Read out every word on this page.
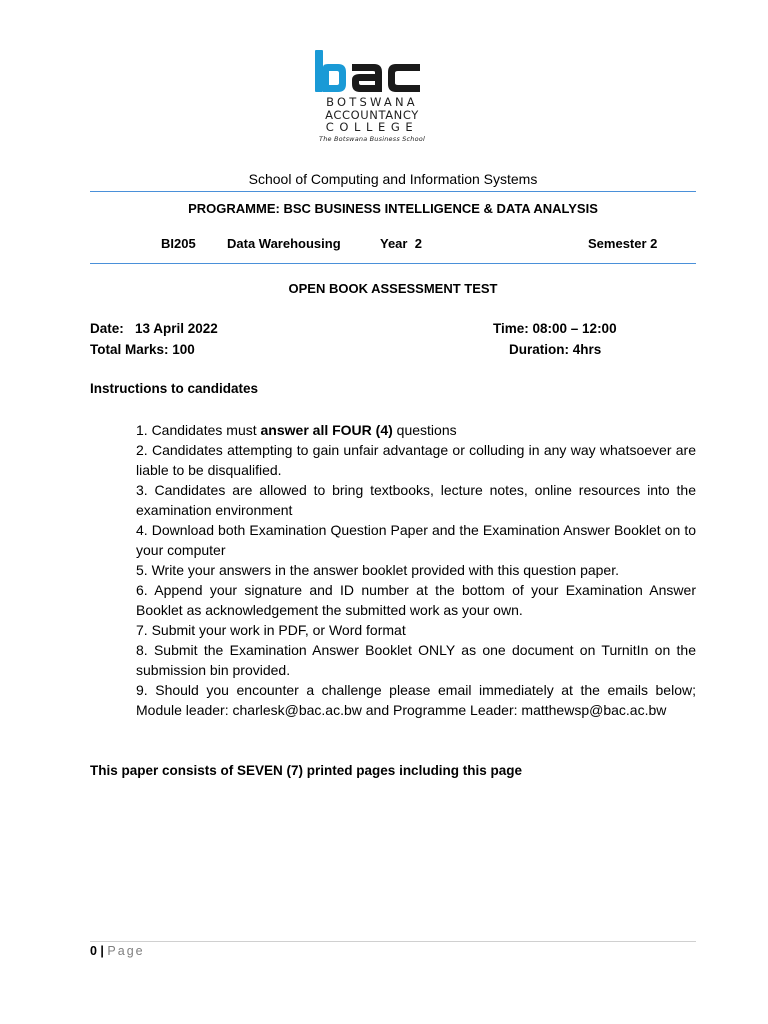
BOTSWANA
ACCOUNTANCY
COLLEGE
The Botswana Business School
School of Computing and Information Systems
PROGRAMME: BSC BUSINESS INTELLIGENCE & DATA ANALYSIS
BI205 Data Warehousing	Year  2	Semester 2
OPEN BOOK ASSESSMENT TEST
Date:   13 April 2022	Time: 08:00 – 12:00
Total Marks: 100	Duration: 4hrs
Instructions to candidates

1. Candidates must answer all FOUR (4) questions

2. Candidates attempting to gain unfair advantage or colluding in any way whatsoever are liable to be disqualified.

3. Candidates are allowed to bring textbooks, lecture notes, online resources into the examination environment

4. Download both Examination Question Paper and the Examination Answer Booklet on to your computer

5. Write your answers in the answer booklet provided with this question paper.

6. Append your signature and ID number at the bottom of your Examination Answer Booklet as acknowledgement the submitted work as your own.

7. Submit your work in PDF, or Word format

8. Submit the Examination Answer Booklet ONLY as one document on TurnitIn on the submission bin provided.

9. Should you encounter a challenge please email immediately at the emails below; Module leader: charlesk@bac.ac.bw and Programme Leader: matthewsp@bac.ac.bw

This paper consists of SEVEN (7) printed pages including this page
0 | Page
